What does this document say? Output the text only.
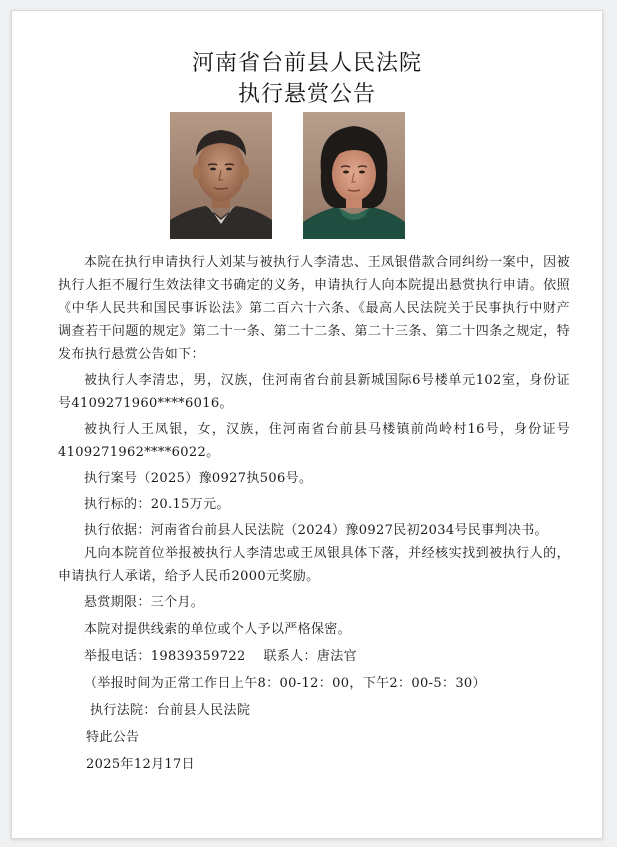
河南省台前县人民法院
执行悬赏公告

本院在执行申请执行人刘某与被执行人李清忠、王凤银借款合同纠纷一案中，因被执行人拒不履行生效法律文书确定的义务，申请执行人向本院提出悬赏执行申请。依照《中华人民共和国民事诉讼法》第二百六十六条、《最高人民法院关于民事执行中财产调查若干问题的规定》第二十一条、第二十二条、第二十三条、第二十四条之规定，特发布执行悬赏公告如下：

被执行人李清忠，男，汉族，住河南省台前县新城国际6号楼单元102室，身份证号4109271960****6016。

被执行人王凤银，女，汉族，住河南省台前县马楼镇前尚岭村16号，身份证号4109271962****6022。

执行案号（2025）豫0927执506号。

执行标的：20.15万元。

执行依据：河南省台前县人民法院（2024）豫0927民初2034号民事判决书。

凡向本院首位举报被执行人李清忠或王凤银具体下落，并经核实找到被执行人的，申请执行人承诺，给予人民币2000元奖励。

悬赏期限：三个月。

本院对提供线索的单位或个人予以严格保密。

举报电话：19839359722    联系人：唐法官

（举报时间为正常工作日上午8：00-12：00，下午2：00-5：30）

执行法院：台前县人民法院

特此公告

2025年12月17日
